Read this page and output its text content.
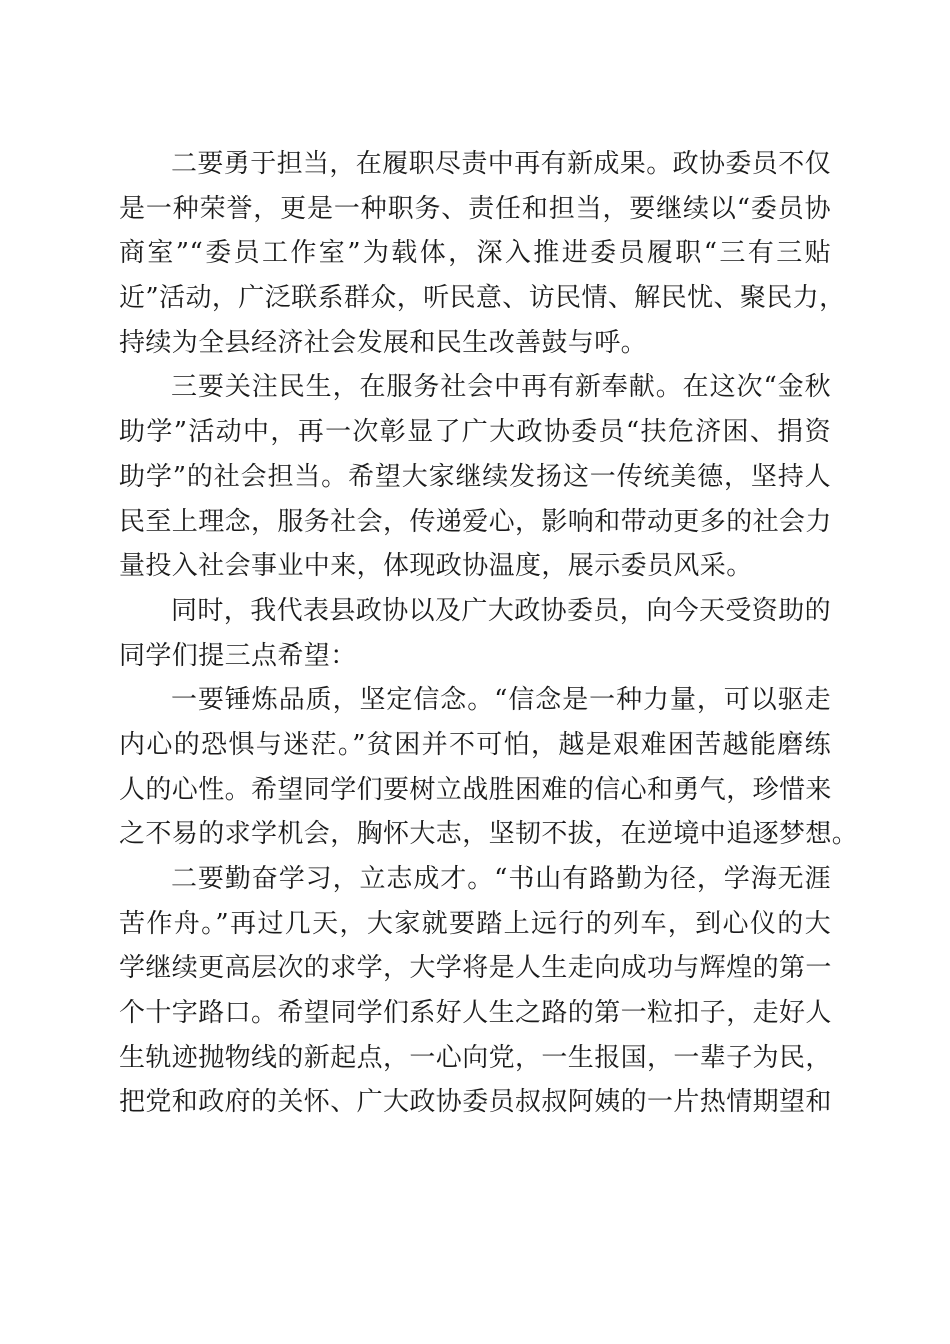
二要勇于担当，在履职尽责中再有新成果。政协委员不仅
是一种荣誉，更是一种职务、责任和担当，要继续以“委员协
商室”“委员工作室”为载体，深入推进委员履职“三有三贴
近”活动，广泛联系群众，听民意、访民情、解民忧、聚民力，
持续为全县经济社会发展和民生改善鼓与呼。
三要关注民生，在服务社会中再有新奉献。在这次“金秋
助学”活动中，再一次彰显了广大政协委员“扶危济困、捐资
助学”的社会担当。希望大家继续发扬这一传统美德，坚持人
民至上理念，服务社会，传递爱心，影响和带动更多的社会力
量投入社会事业中来，体现政协温度，展示委员风采。
同时，我代表县政协以及广大政协委员，向今天受资助的
同学们提三点希望：
一要锤炼品质，坚定信念。“信念是一种力量，可以驱走
内心的恐惧与迷茫。”贫困并不可怕，越是艰难困苦越能磨练
人的心性。希望同学们要树立战胜困难的信心和勇气，珍惜来
之不易的求学机会，胸怀大志，坚韧不拔，在逆境中追逐梦想。
二要勤奋学习，立志成才。“书山有路勤为径，学海无涯
苦作舟。”再过几天，大家就要踏上远行的列车，到心仪的大
学继续更高层次的求学，大学将是人生走向成功与辉煌的第一
个十字路口。希望同学们系好人生之路的第一粒扣子，走好人
生轨迹抛物线的新起点，一心向党，一生报国，一辈子为民，
把党和政府的关怀、广大政协委员叔叔阿姨的一片热情期望和
